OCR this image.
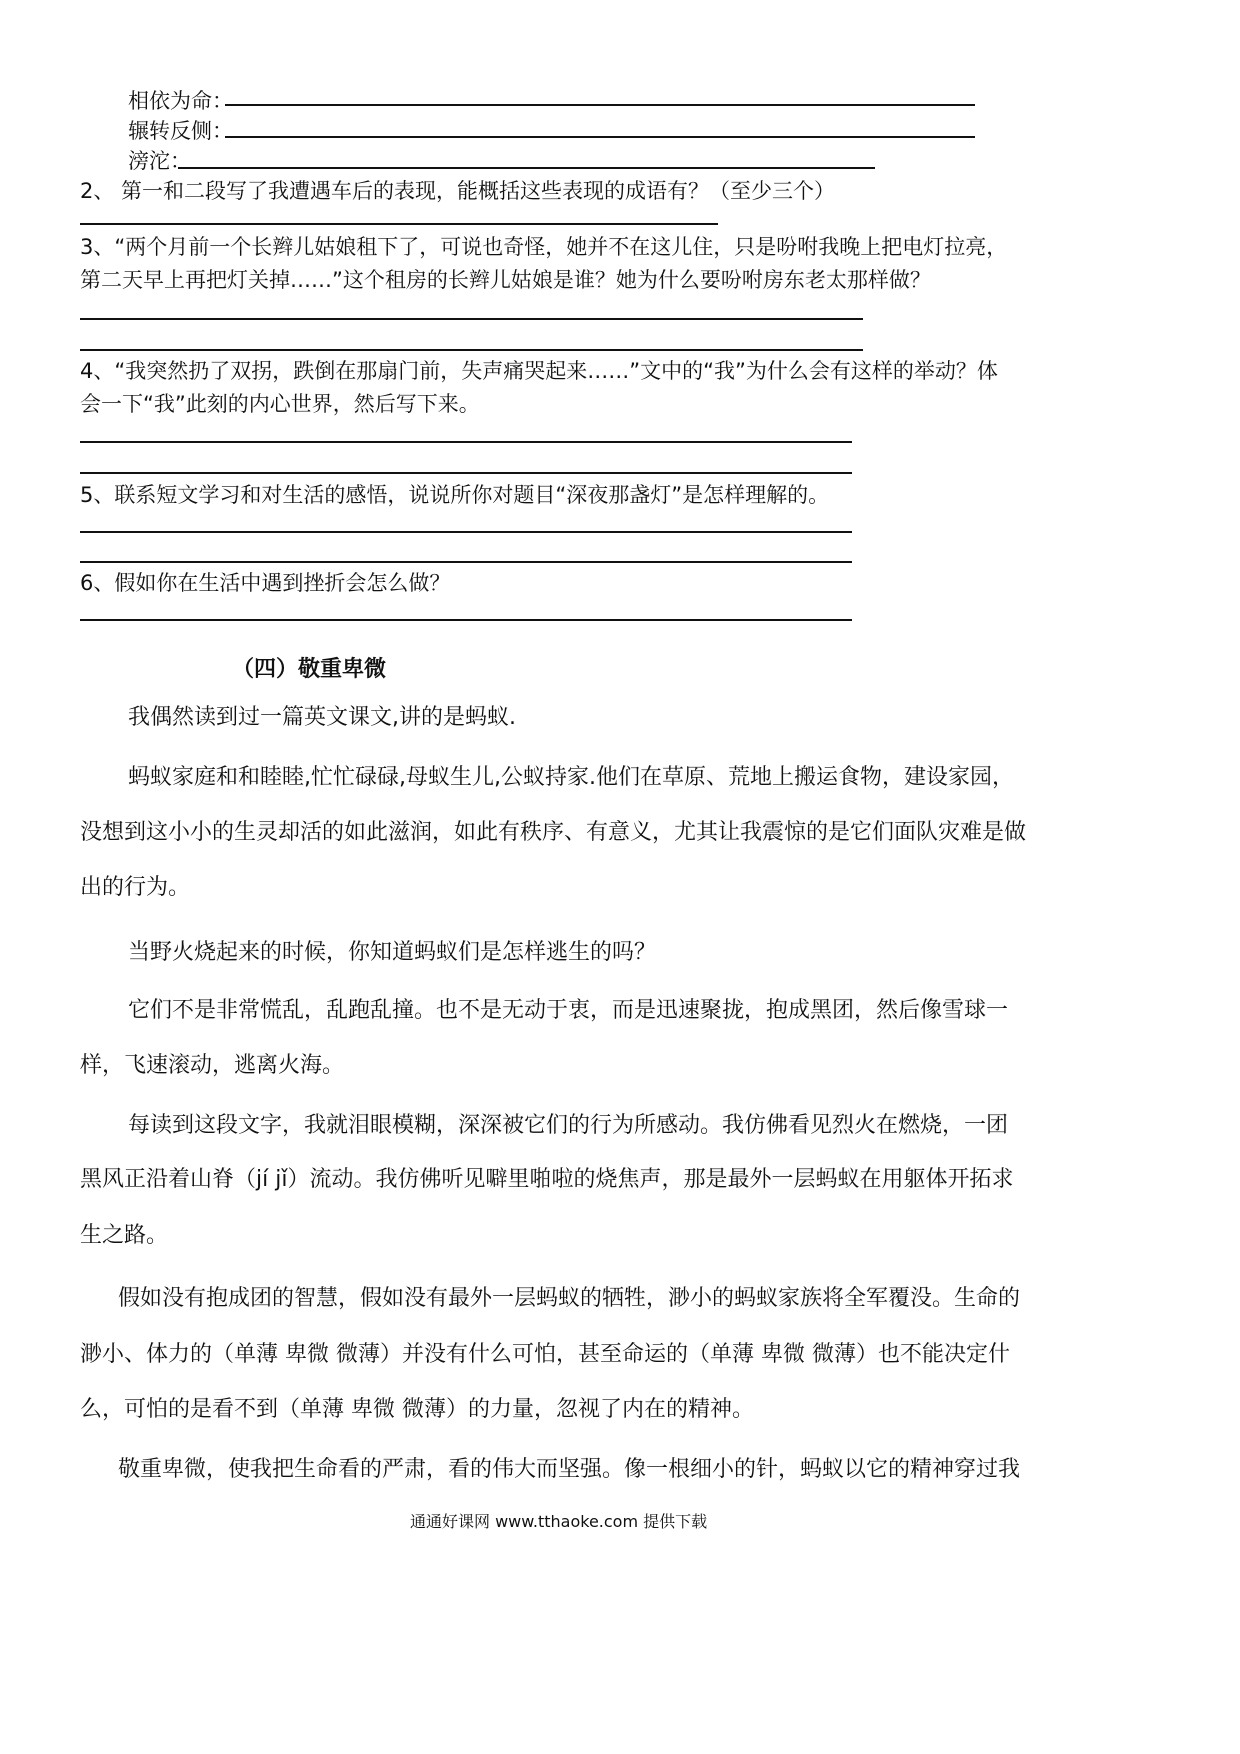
相依为命：
辗转反侧：
滂沱：
2、 第一和二段写了我遭遇车后的表现，能概括这些表现的成语有？（至少三个）
3、“两个月前一个长辫儿姑娘租下了，可说也奇怪，她并不在这儿住，只是吩咐我晚上把电灯拉亮，
第二天早上再把灯关掉……”这个租房的长辫儿姑娘是谁？她为什么要吩咐房东老太那样做？
4、“我突然扔了双拐，跌倒在那扇门前，失声痛哭起来……”文中的“我”为什么会有这样的举动？体
会一下“我”此刻的内心世界，然后写下来。
5、联系短文学习和对生活的感悟，说说所你对题目“深夜那盏灯”是怎样理解的。
6、假如你在生活中遇到挫折会怎么做？
（四）敬重卑微
我偶然读到过一篇英文课文,讲的是蚂蚁.
蚂蚁家庭和和睦睦,忙忙碌碌,母蚁生儿,公蚁持家.他们在草原、荒地上搬运食物，建设家园，
没想到这小小的生灵却活的如此滋润，如此有秩序、有意义，尤其让我震惊的是它们面队灾难是做
出的行为。
当野火烧起来的时候，你知道蚂蚁们是怎样逃生的吗？
它们不是非常慌乱，乱跑乱撞。也不是无动于衷，而是迅速聚拢，抱成黑团，然后像雪球一
样，飞速滚动，逃离火海。
每读到这段文字，我就泪眼模糊，深深被它们的行为所感动。我仿佛看见烈火在燃烧，一团
黑风正沿着山脊（jí jǐ）流动。我仿佛听见噼里啪啦的烧焦声，那是最外一层蚂蚁在用躯体开拓求
生之路。
假如没有抱成团的智慧，假如没有最外一层蚂蚁的牺牲，渺小的蚂蚁家族将全军覆没。生命的
渺小、体力的（单薄 卑微 微薄）并没有什么可怕，甚至命运的（单薄 卑微 微薄）也不能决定什
么，可怕的是看不到（单薄 卑微 微薄）的力量，忽视了内在的精神。
敬重卑微，使我把生命看的严肃，看的伟大而坚强。像一根细小的针，蚂蚁以它的精神穿过我
通通好课网 www.tthaoke.com 提供下载
